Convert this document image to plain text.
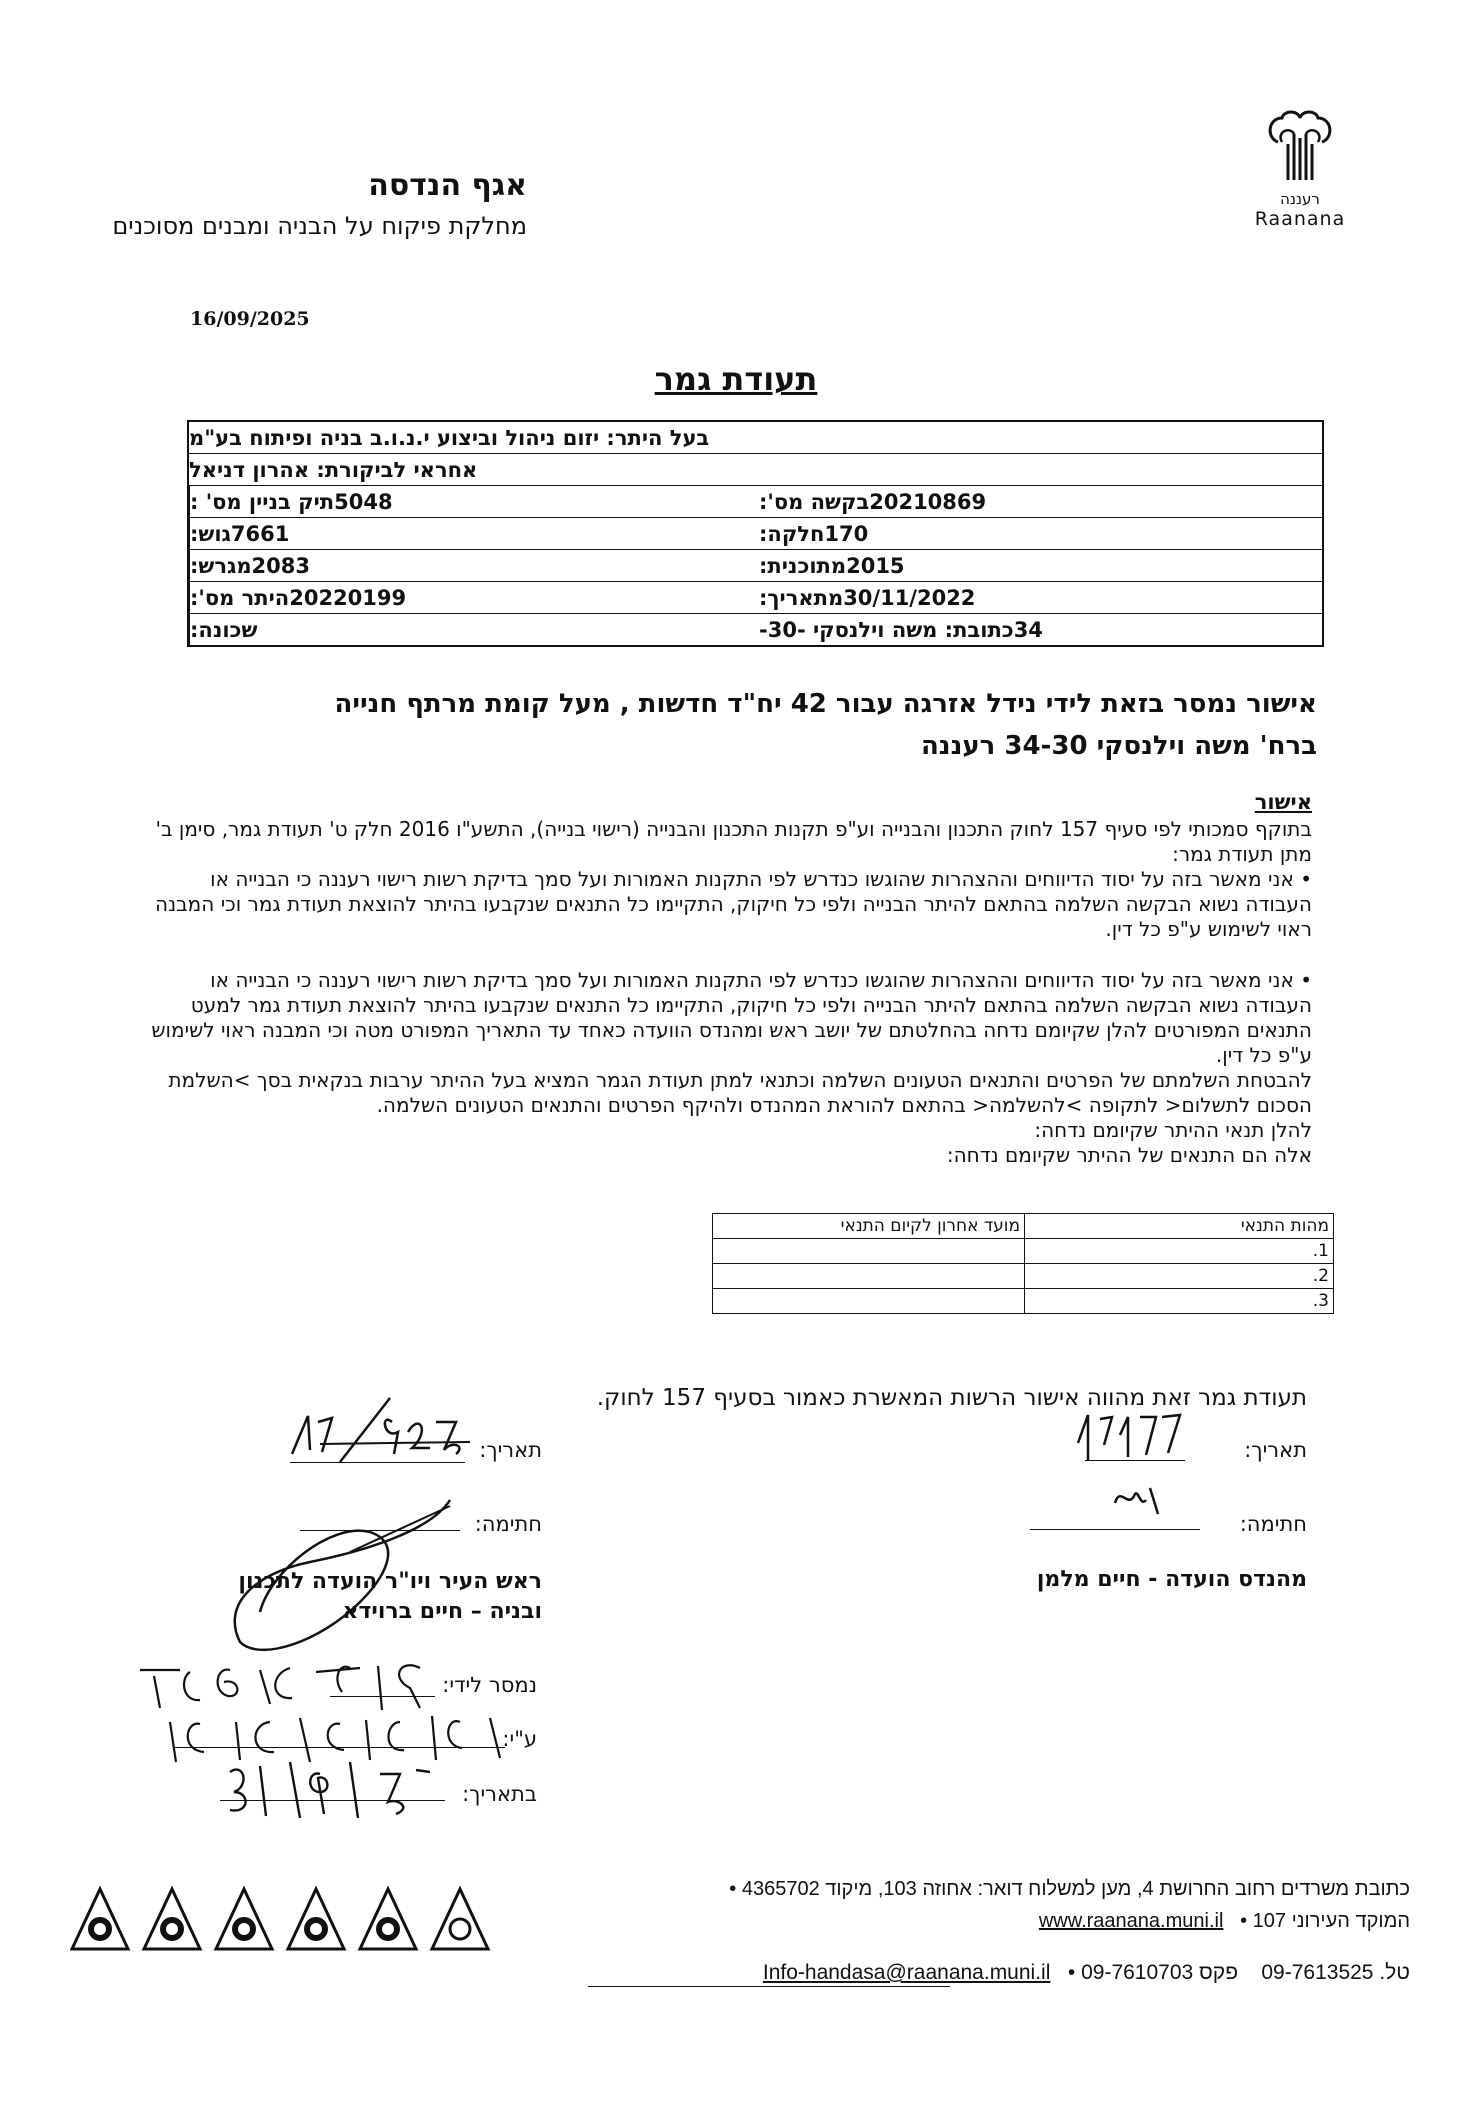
רעננה
Raanana
אגף הנדסה
מחלקת פיקוח על הבניה ומבנים מסוכנים
16/09/2025
תעודת גמר
בעל היתר: יזום ניהול וביצוע י.נ.ו.ב בניה ופיתוח בע"מ
אחראי לביקורת: אהרון דניאל
תיק בניין מס' : 5048	בקשה מס': 20210869
גוש: 7661	חלקה: 170
מגרש: 2083	מתוכנית: 2015
היתר מס': 20220199	מתאריך: 30/11/2022
שכונה:	כתובת: משה וילנסקי -30- 34
אישור נמסר בזאת לידי נידל אזרגה עבור 42 יח"ד חדשות , מעל קומת מרתף חנייה
ברח' משה וילנסקי 34-30 רעננה

אישור

בתוקף סמכותי לפי סעיף 157 לחוק התכנון והבנייה וע"פ תקנות התכנון והבנייה (רישוי בנייה), התשע"ו 2016 חלק ט' תעודת גמר, סימן ב' מתן תעודת גמר:

• אני מאשר בזה על יסוד הדיווחים וההצהרות שהוגשו כנדרש לפי התקנות האמורות ועל סמך בדיקת רשות רישוי רעננה כי הבנייה או העבודה נשוא הבקשה השלמה בהתאם להיתר הבנייה ולפי כל חיקוק, התקיימו כל התנאים שנקבעו בהיתר להוצאת תעודת גמר וכי המבנה ראוי לשימוש ע"פ כל דין.

• אני מאשר בזה על יסוד הדיווחים וההצהרות שהוגשו כנדרש לפי התקנות האמורות ועל סמך בדיקת רשות רישוי רעננה כי הבנייה או העבודה נשוא הבקשה השלמה בהתאם להיתר הבנייה ולפי כל חיקוק, התקיימו כל התנאים שנקבעו בהיתר להוצאת תעודת גמר למעט התנאים המפורטים להלן שקיומם נדחה בהחלטתם של יושב ראש ומהנדס הוועדה כאחד עד התאריך המפורט מטה וכי המבנה ראוי לשימוש ע"פ כל דין.

להבטחת השלמתם של הפרטים והתנאים הטעונים השלמה וכתנאי למתן תעודת הגמר המציא בעל ההיתר ערבות בנקאית בסך >השלמת הסכום לתשלום< לתקופה >להשלמה< בהתאם להוראת המהנדס ולהיקף הפרטים והתנאים הטעונים השלמה.

להלן תנאי ההיתר שקיומם נדחה:

אלה הם התנאים של ההיתר שקיומם נדחה:

מהות התנאי	מועד אחרון לקיום התנאי
1.	
2.	
3.	
תעודת גמר זאת מהווה אישור הרשות המאשרת כאמור בסעיף 157 לחוק.
תאריך:
חתימה:
מהנדס הועדה - חיים מלמן
תאריך:
חתימה:
ראש העיר ויו"ר הועדה לתכנון ובניה – חיים ברוידא
נמסר לידי:
ע"י:
בתאריך:
כתובת משרדים רחוב החרושת 4, מען למשלוח דואר: אחוזה 103, מיקוד 4365702 •
המוקד העירוני 107 •   www.raanana.muni.il
טל. 09-7613525    פקס 09-7610703 •   Info-handasa@raanana.muni.il
